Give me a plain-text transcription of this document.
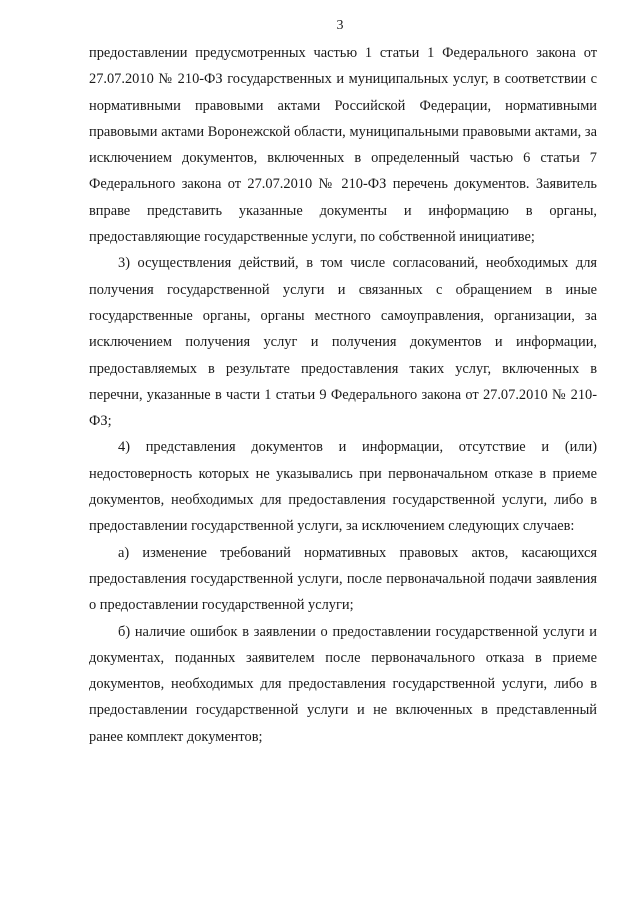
3

предоставлении предусмотренных частью 1 статьи 1 Федерального закона от 27.07.2010 № 210-ФЗ государственных и муниципальных услуг, в соответствии с нормативными правовыми актами Российской Федерации, нормативными правовыми актами Воронежской области, муниципальными правовыми актами, за исключением документов, включенных в определенный частью 6 статьи 7 Федерального закона от 27.07.2010 № 210-ФЗ перечень документов. Заявитель вправе представить указанные документы и информацию в органы, предоставляющие государственные услуги, по собственной инициативе;

3) осуществления действий, в том числе согласований, необходимых для получения государственной услуги и связанных с обращением в иные государственные органы, органы местного самоуправления, организации, за исключением получения услуг и получения документов и информации, предоставляемых в результате предоставления таких услуг, включенных в перечни, указанные в части 1 статьи 9 Федерального закона от 27.07.2010 № 210-ФЗ;

4) представления документов и информации, отсутствие и (или) недостоверность которых не указывались при первоначальном отказе в приеме документов, необходимых для предоставления государственной услуги, либо в предоставлении государственной услуги, за исключением следующих случаев:

а) изменение требований нормативных правовых актов, касающихся предоставления государственной услуги, после первоначальной подачи заявления о предоставлении государственной услуги;

б) наличие ошибок в заявлении о предоставлении государственной услуги и документах, поданных заявителем после первоначального отказа в приеме документов, необходимых для предоставления государственной услуги, либо в предоставлении государственной услуги и не включенных в представленный ранее комплект документов;
